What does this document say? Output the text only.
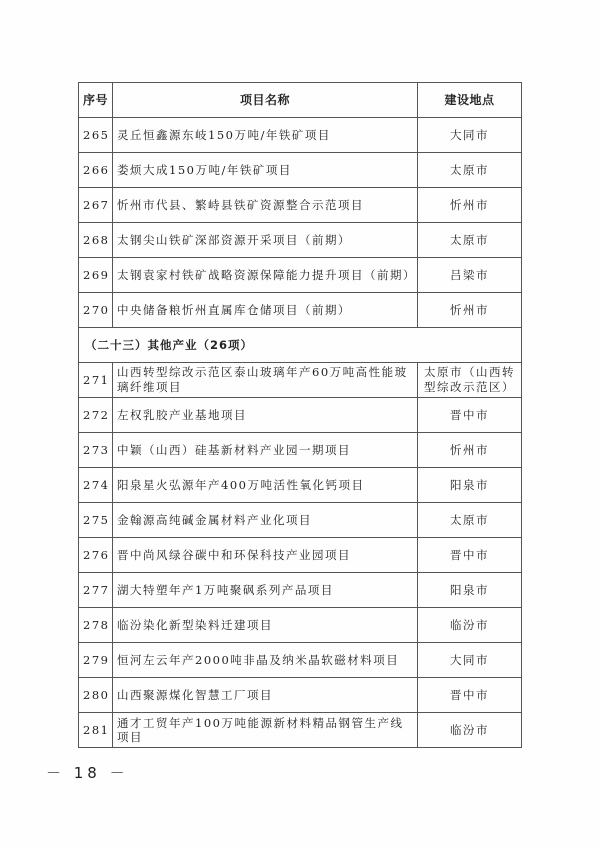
序号	项目名称	建设地点
265	灵丘恒鑫源东岐150万吨/年铁矿项目	大同市
266	娄烦大成150万吨/年铁矿项目	太原市
267	忻州市代县、繁峙县铁矿资源整合示范项目	忻州市
268	太钢尖山铁矿深部资源开采项目（前期）	太原市
269	太钢袁家村铁矿战略资源保障能力提升项目（前期）	吕梁市
270	中央储备粮忻州直属库仓储项目（前期）	忻州市
（二十三）其他产业（26项）		
271	山西转型综改示范区泰山玻璃年产60万吨高性能玻璃纤维项目	太原市（山西转型综改示范区）
272	左权乳胶产业基地项目	晋中市
273	中颖（山西）硅基新材料产业园一期项目	忻州市
274	阳泉星火弘源年产400万吨活性氧化钙项目	阳泉市
275	金翰源高纯碱金属材料产业化项目	太原市
276	晋中尚风绿谷碳中和环保科技产业园项目	晋中市
277	湖大特塑年产1万吨聚砜系列产品项目	阳泉市
278	临汾染化新型染料迁建项目	临汾市
279	恒河左云年产2000吨非晶及纳米晶软磁材料项目	大同市
280	山西聚源煤化智慧工厂项目	晋中市
281	通才工贸年产100万吨能源新材料精品钢管生产线项目	临汾市
－ 18 －
